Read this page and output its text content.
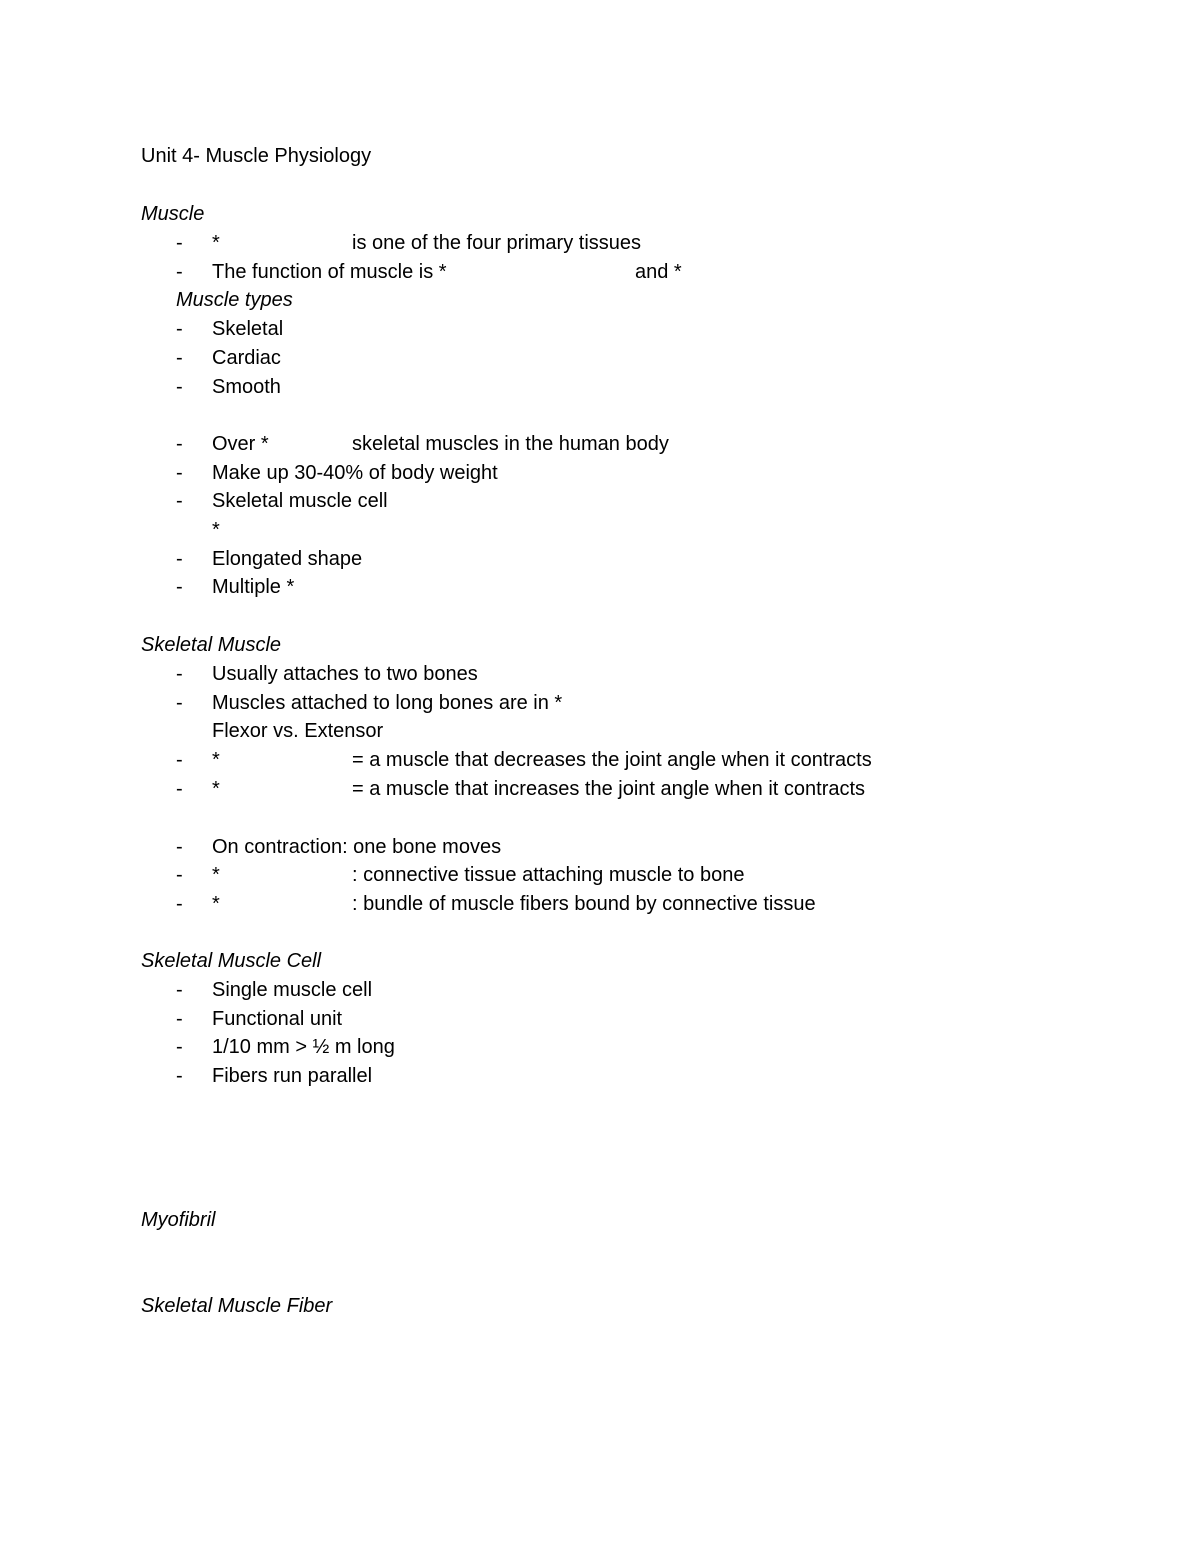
Unit 4- Muscle Physiology
Muscle
- *	is one of the four primary tissues
- The function of muscle is *	and *
Muscle types
- Skeletal
- Cardiac
- Smooth
- Over *	skeletal muscles in the human body
- Make up 30-40% of body weight
- Skeletal muscle cell
*
- Elongated shape
- Multiple *
Skeletal Muscle
- Usually attaches to two bones
- Muscles attached to long bones are in *
Flexor vs. Extensor
- *	= a muscle that decreases the joint angle when it contracts
- *	= a muscle that increases the joint angle when it contracts
- On contraction: one bone moves
- *	: connective tissue attaching muscle to bone
- *	: bundle of muscle fibers bound by connective tissue
Skeletal Muscle Cell
- Single muscle cell
- Functional unit
- 1/10 mm > ½ m long
- Fibers run parallel
Myofibril
Skeletal Muscle Fiber
